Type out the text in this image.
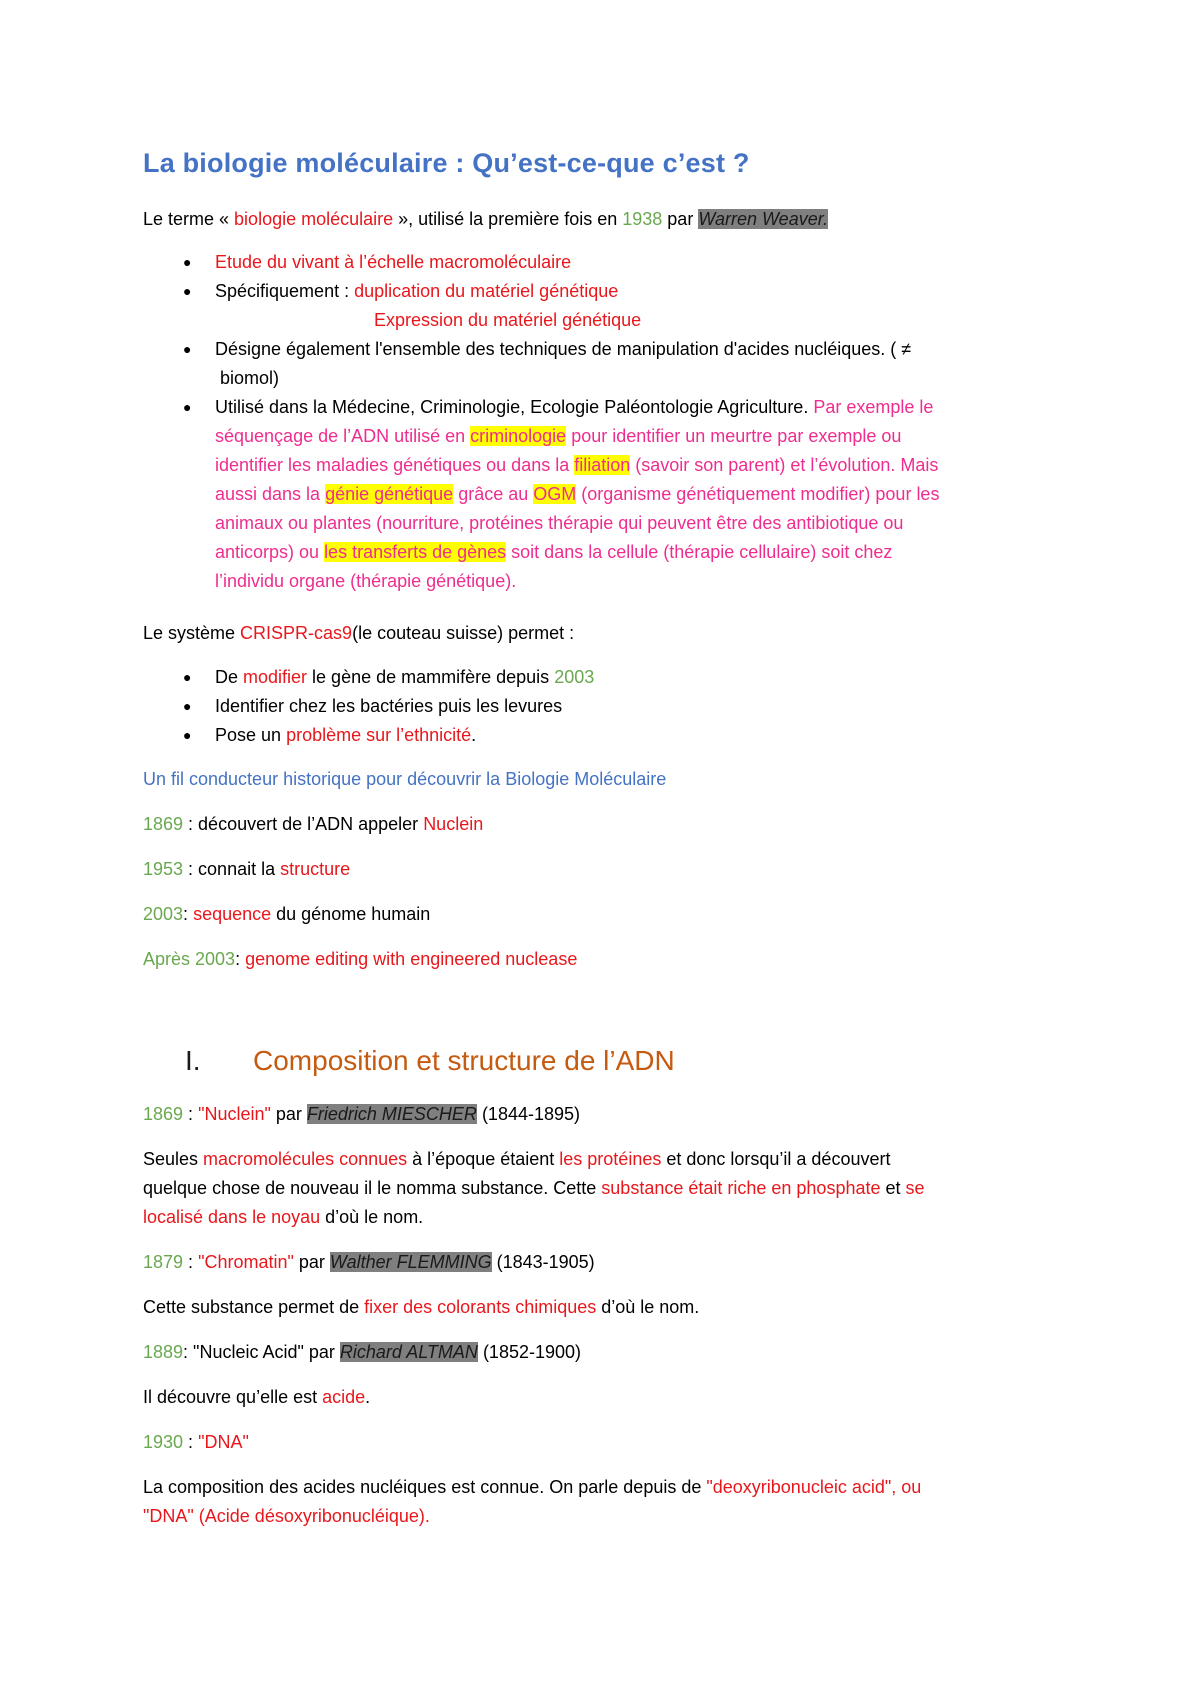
La biologie moléculaire : Qu’est-ce-que c’est ?
Le terme « biologie moléculaire », utilisé la première fois en 1938 par Warren Weaver.
● Etude du vivant à l’échelle macromoléculaire
● Spécifiquement : duplication du matériel génétique
Expression du matériel génétique
● Désigne également l'ensemble des techniques de manipulation d'acides nucléiques. ( ≠
biomol)
● Utilisé dans la Médecine, Criminologie, Ecologie Paléontologie Agriculture. Par exemple le
séquençage de l’ADN utilisé en criminologie pour identifier un meurtre par exemple ou
identifier les maladies génétiques ou dans la filiation (savoir son parent) et l’évolution. Mais
aussi dans la génie génétique grâce au OGM (organisme génétiquement modifier) pour les
animaux ou plantes (nourriture, protéines thérapie qui peuvent être des antibiotique ou
anticorps) ou les transferts de gènes soit dans la cellule (thérapie cellulaire) soit chez
l’individu organe (thérapie génétique).
Le système CRISPR-cas9(le couteau suisse) permet :
● De modifier le gène de mammifère depuis 2003
● Identifier chez les bactéries puis les levures
● Pose un problème sur l’ethnicité.
Un fil conducteur historique pour découvrir la Biologie Moléculaire
1869 : découvert de l’ADN appeler Nuclein
1953 : connait la structure
2003: sequence du génome humain
Après 2003: genome editing with engineered nuclease
I. Composition et structure de l’ADN
1869 : "Nuclein" par Friedrich MIESCHER (1844-1895)
Seules macromolécules connues à l’époque étaient les protéines et donc lorsqu’il a découvert
quelque chose de nouveau il le nomma substance. Cette substance était riche en phosphate et se
localisé dans le noyau d’où le nom.
1879 : "Chromatin" par Walther FLEMMING (1843-1905)
Cette substance permet de fixer des colorants chimiques d’où le nom.
1889: "Nucleic Acid" par Richard ALTMAN (1852-1900)
Il découvre qu’elle est acide.
1930 : "DNA"
La composition des acides nucléiques est connue. On parle depuis de "deoxyribonucleic acid", ou
"DNA" (Acide désoxyribonucléique).
